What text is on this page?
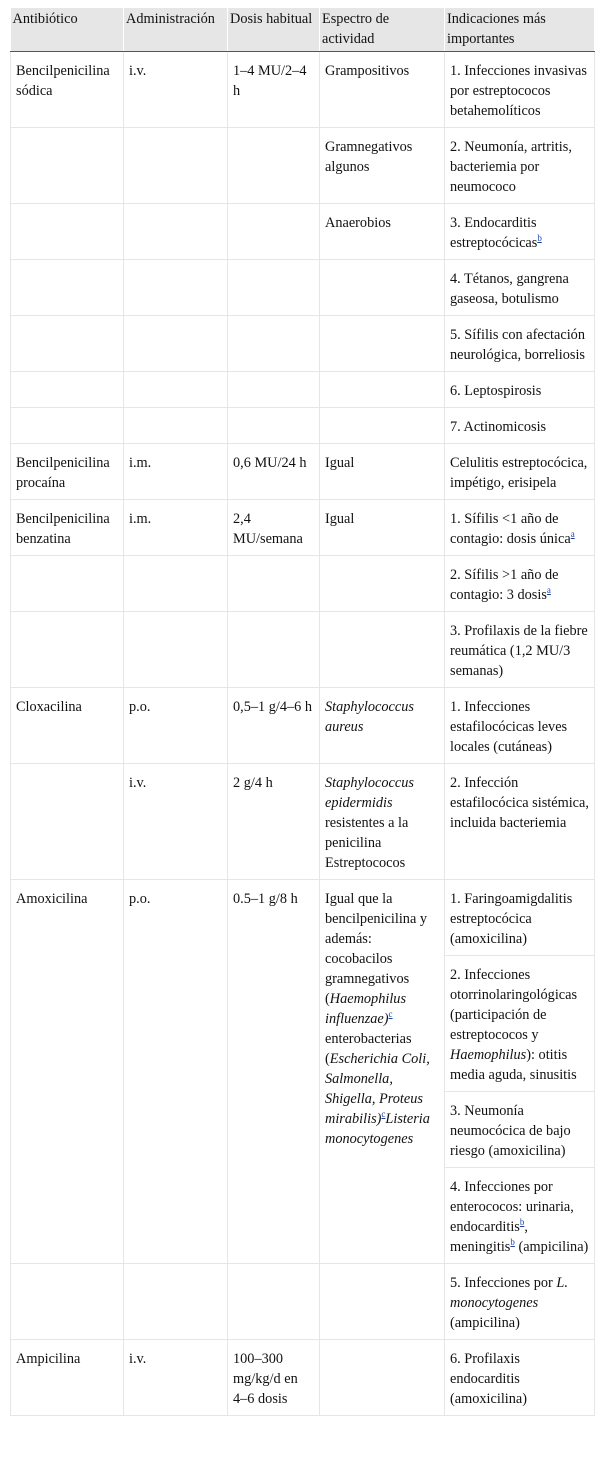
Antibiótico	Administración	Dosis habitual	Espectro de actividad	Indicaciones más importantes
Bencilpenicilina sódica	i.v.	1–4 MU/2–4 h	Grampositivos	1. Infecciones invasivas por estreptococos betahemolíticos
			Gramnegativos algunos	2. Neumonía, artritis, bacteriemia por neumococo
			Anaerobios	3. Endocarditis estreptocócicas$^b$
				4. Tétanos, gangrena gaseosa, botulismo
				5. Sífilis con afectación neurológica, borreliosis
				6. Leptospirosis
				7. Actinomicosis
Bencilpenicilina procaína	i.m.	0,6 MU/24 h	Igual	Celulitis estreptocócica, impétigo, erisipela
Bencilpenicilina benzatina	i.m.	2,4 MU/semana	Igual	1. Sífilis <1 año de contagio: dosis única$^a$
				2. Sífilis >1 año de contagio: 3 dosis$^a$
				3. Profilaxis de la fiebre reumática (1,2 MU/3 semanas)
Cloxacilina	p.o.	0,5–1 g/4–6 h	Staphylococcus aureus	1. Infecciones estafilocócicas leves locales (cutáneas)
	i.v.	2 g/4 h	Staphylococcus epidermidis resistentes a la penicilina Estreptococos	2. Infección estafilocócica sistémica, incluida bacteriemia
Amoxicilina	p.o.	0.5–1 g/8 h	Igual que la bencilpenicilina y además: cocobacilos gramnegativos (Haemophilus influenzae)$^c$ enterobacterias (Escherichia Coli, Salmonella, Shigella, Proteus mirabilis)$^c$Listeria monocytogenes	1. Faringoamigdalitis estreptocócica (amoxicilina)
				2. Infecciones otorrinolaringológicas (participación de estreptococos y Haemophilus): otitis media aguda, sinusitis
				3. Neumonía neumocócica de bajo riesgo (amoxicilina)
				4. Infecciones por enterococos: urinaria, endocarditis$^b$, meningitis$^b$ (ampicilina)
				5. Infecciones por L. monocytogenes (ampicilina)
Ampicilina	i.v.	100–300 mg/kg/d en 4–6 dosis		6. Profilaxis endocarditis (amoxicilina)
